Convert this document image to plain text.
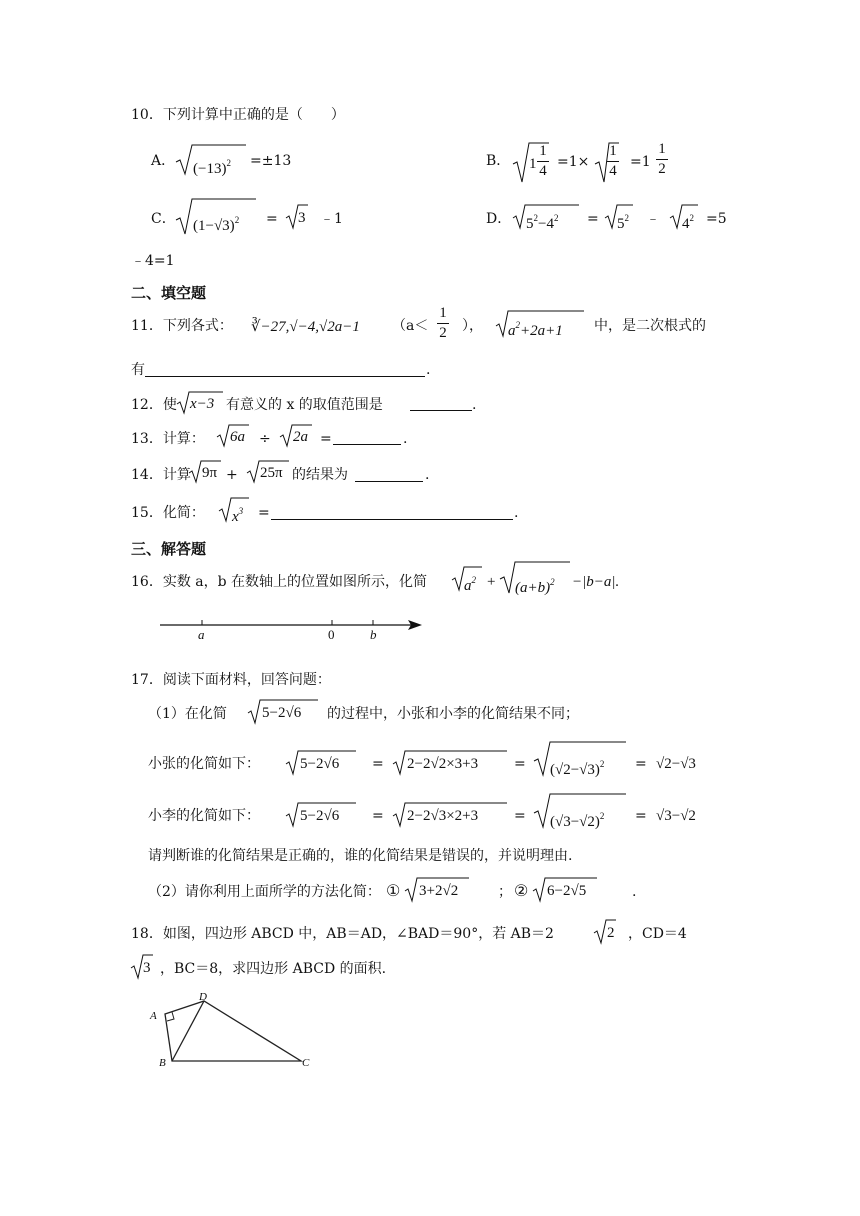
10．下列计算中正确的是（　　）
A． $(-13)^2 =\pm 13$	B． 1
1
4
=1×
1
4
=1
1
2
C． $(1-√3)^2 = 3$ ﹣1	D． $5^2-4^2 = 5^2$ ﹣ $4^2 =5$
﹣4=1
二、填空题
11．下列各式： ∛−27,√−4,√2a−1 （a＜
1
2 ）， $a^2+2a+1$ 中，是二次根式的
有	.
12．使 x−3 有意义的 x 的取值范围是	.
13．计算： 6a ÷ 2a =	.
14．计算 9π + 25π 的结果为	.
15．化简： $x^3$ =	.
三、解答题
16．实数 a，b 在数轴上的位置如图所示，化简 $a^2 + (a+b)^2 -|b-a|$.
a	0	b
17．阅读下面材料，回答问题：
（1）在化简 5−2√6 的过程中，小张和小李的化简结果不同；
小张的化简如下：	5−2√6 = 2−2√2×3+3	= $(√2-√3)^2 = √2-√3$
小李的化简如下：	5−2√6 = 2−2√3×2+3	= $(√3-√2)^2 = √3-√2$
请判断谁的化简结果是正确的，谁的化简结果是错误的，并说明理由.
（2）请你利用上面所学的方法化简： ① 3+2√2	； ② 6−2√5	.
18．如图，四边形 ABCD 中，AB＝AD，∠BAD＝90°，若 AB＝2	2 ，CD＝4
3 ，BC＝8，求四边形 ABCD 的面积.
A
B	C
D
